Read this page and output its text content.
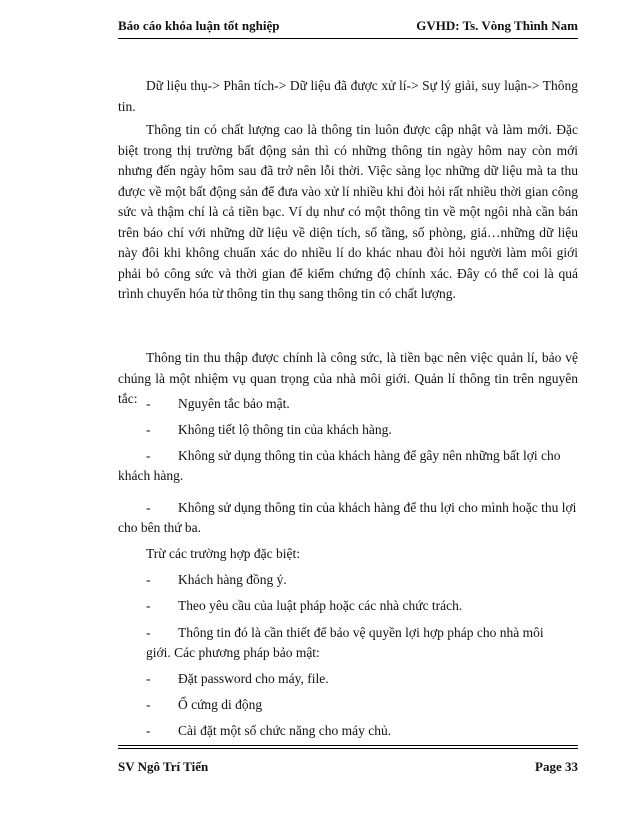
Báo cáo khóa luận tốt nghiệp	GVHD: Ts. Vòng Thình Nam
Dữ liệu thụ-> Phân tích-> Dữ liệu đã được xử lí-> Sự lý giải, suy luận-> Thông tin.
Thông tin có chất lượng cao là thông tin luôn được cập nhật và làm mới. Đặc biệt trong thị trường bất động sản thì có những thông tin ngày hôm nay còn mới nhưng đến ngày hôm sau đã trở nên lỗi thời. Việc sàng lọc những dữ liệu mà ta thu được về một bất động sản để đưa vào xử lí nhiều khi đòi hỏi rất nhiều thời gian công sức và thậm chí là cả tiền bạc. Ví dụ như có một thông tin về một ngôi nhà cần bán trên báo chí với những dữ liệu về diện tích, số tầng, số phòng, giá…những dữ liệu này đôi khi không chuẩn xác do nhiều lí do khác nhau đòi hỏi người làm môi giới phải bỏ công sức và thời gian để kiểm chứng độ chính xác. Đây có thể coi là quá trình chuyển hóa từ thông tin thụ sang thông tin có chất lượng.
Thông tin thu thập được chính là công sức, là tiền bạc nên việc quản lí, bảo vệ chúng là một nhiệm vụ quan trọng của nhà môi giới. Quản lí thông tin trên nguyên tắc: -	Nguyên tắc bảo mật.
-	Không tiết lộ thông tin của khách hàng.
-	Không sử dụng thông tin của khách hàng để gây nên những bất lợi cho
khách hàng.
-	Không sử dụng thông tin của khách hàng để thu lợi cho mình hoặc thu lợi
cho bên thứ ba.
Trừ các trường hợp đặc biệt:
-	Khách hàng đồng ý.
-	Theo yêu cầu của luật pháp hoặc các nhà chức trách.
-	Thông tin đó là cần thiết để bảo vệ quyền lợi hợp pháp cho nhà môi
giới. Các phương pháp bảo mật:
-	Đặt password cho máy, file.
-	Ổ cứng di động
-	Cài đặt một số chức năng cho máy chủ.
SV Ngô Trí Tiến	Page 33
